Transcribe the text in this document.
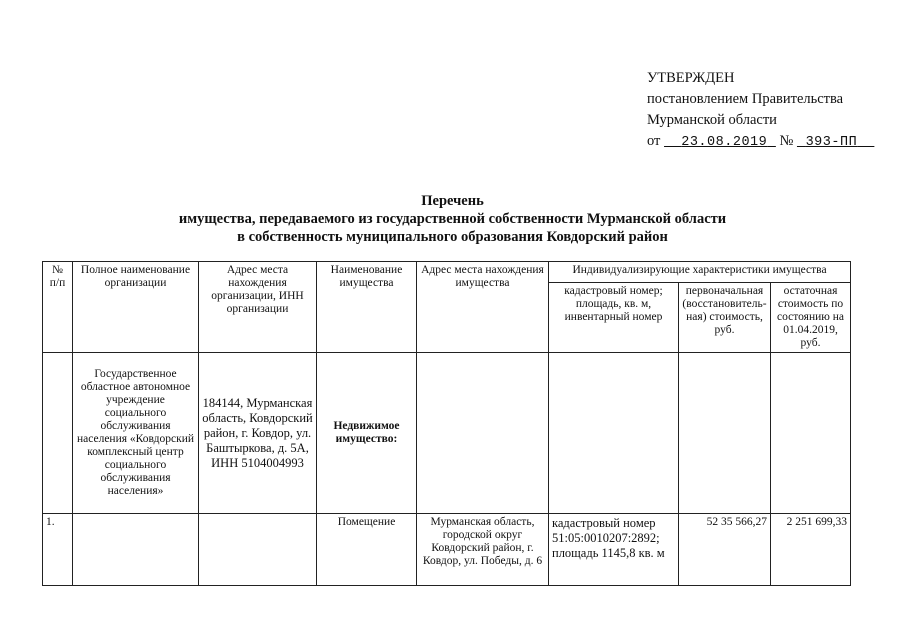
УТВЕРЖДЕН
постановлением Правительства
Мурманской области
от 23.08.2019 № 393-ПП
Перечень
имущества, передаваемого из государственной собственности Мурманской области
в собственность муниципального образования Ковдорский район
№ п/п	Полное наименование организации	Адрес места нахождения организации, ИНН организации	Наименование имущества	Адрес места нахождения имущества	Индивидуализирующие характеристики имущества		
					кадастровый номер; площадь, кв. м, инвентарный номер	первоначальная (восстановитель-ная) стоимость, руб.	остаточная стоимость по состоянию на 01.04.2019, руб.
	Государственное областное автономное учреждение социального обслуживания населения «Ковдорский комплексный центр социального обслуживания населения»	184144, Мурманская область, Ковдорский район, г. Ковдор, ул. Баштыркова, д. 5А, ИНН 5104004993	Недвижимое имущество:				
1.			Помещение	Мурманская область, городской округ Ковдорский район, г. Ковдор, ул. Победы, д. 6	кадастровый номер 51:05:0010207:2892; площадь 1145,8 кв. м	52 35 566,27	2 251 699,33
